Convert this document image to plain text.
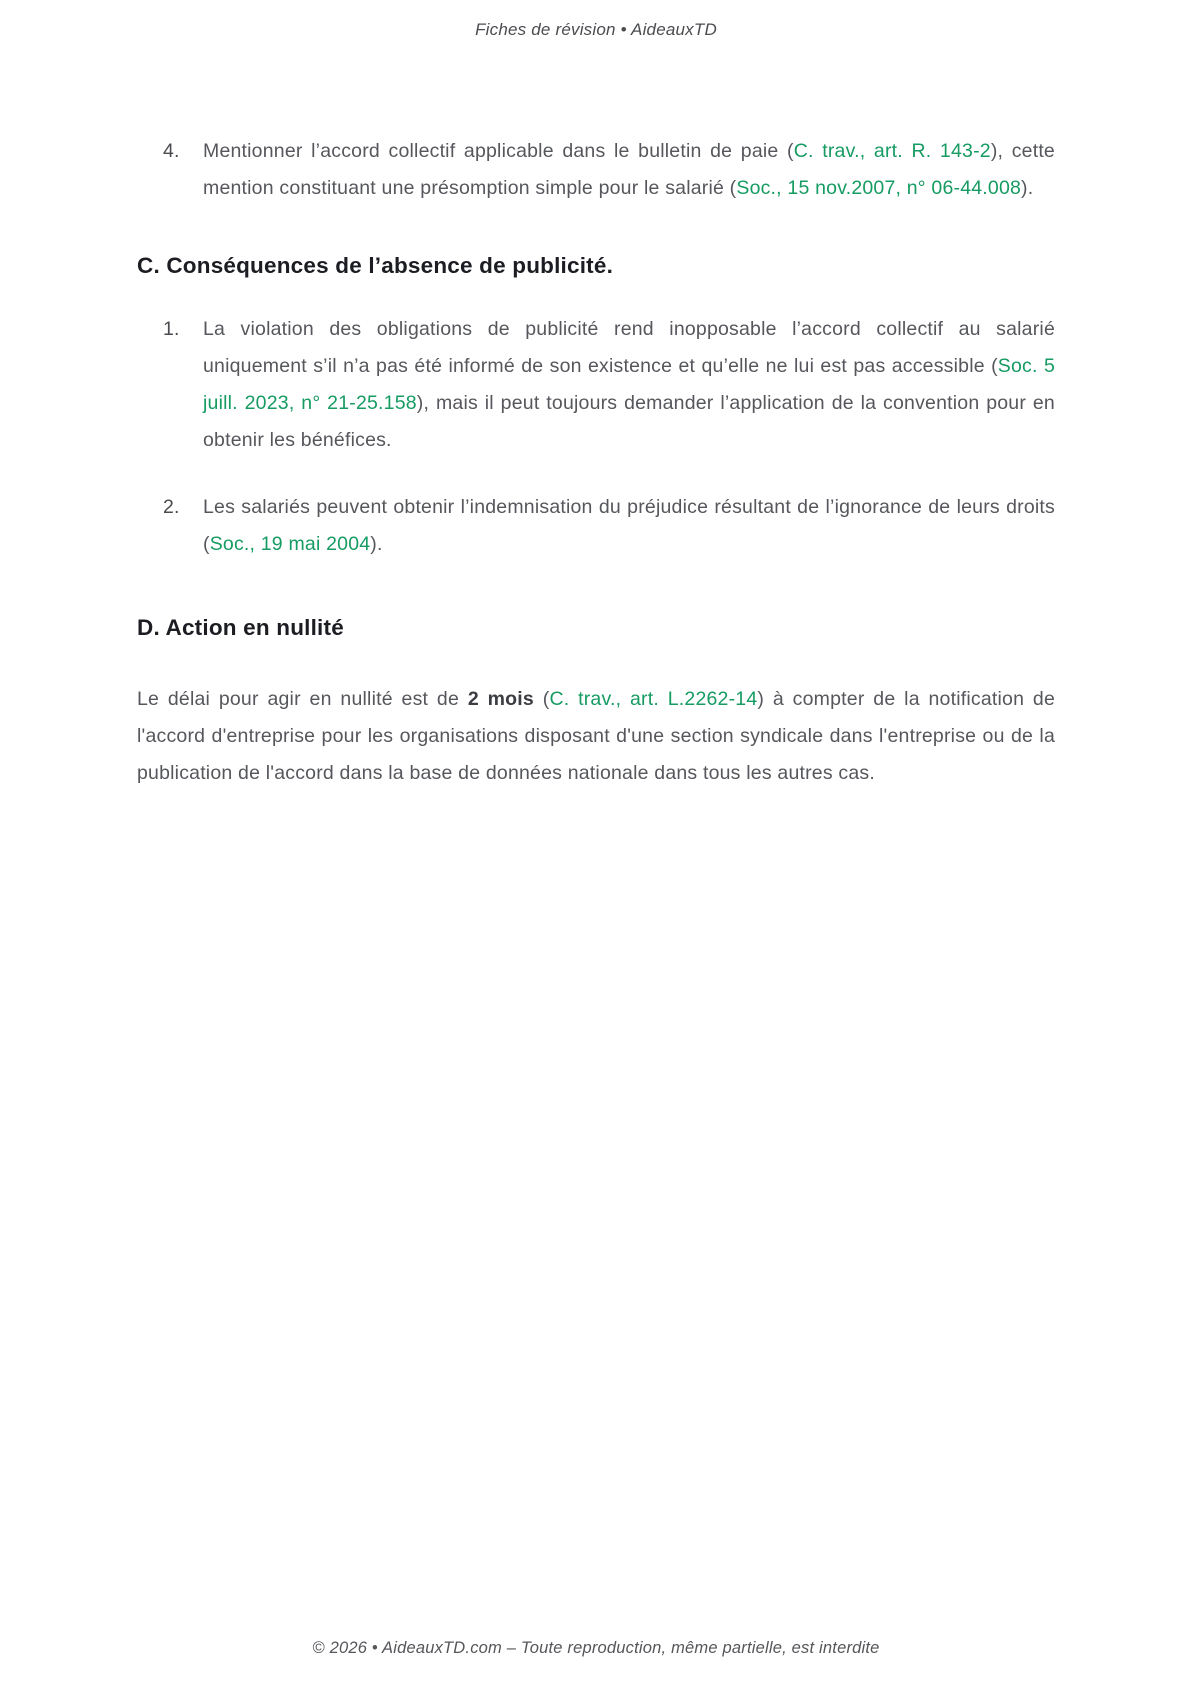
Fiches de révision • AideauxTD
4.	Mentionner l’accord collectif applicable dans le bulletin de paie (C. trav., art. R. 143-2), cette mention constituant une présomption simple pour le salarié (Soc., 15 nov.2007, n° 06-44.008).
C. Conséquences de l’absence de publicité.
1.	La violation des obligations de publicité rend inopposable l’accord collectif au salarié uniquement s’il n’a pas été informé de son existence et qu’elle ne lui est pas accessible (Soc. 5 juill. 2023, n° 21-25.158), mais il peut toujours demander l’application de la convention pour en obtenir les bénéfices.
2.	Les salariés peuvent obtenir l’indemnisation du préjudice résultant de l’ignorance de leurs droits (Soc., 19 mai 2004).
D. Action en nullité
Le délai pour agir en nullité est de 2 mois (C. trav., art. L.2262-14) à compter de la notification de l'accord d'entreprise pour les organisations disposant d'une section syndicale dans l'entreprise ou de la publication de l'accord dans la base de données nationale dans tous les autres cas.
© 2026 • AideauxTD.com – Toute reproduction, même partielle, est interdite
